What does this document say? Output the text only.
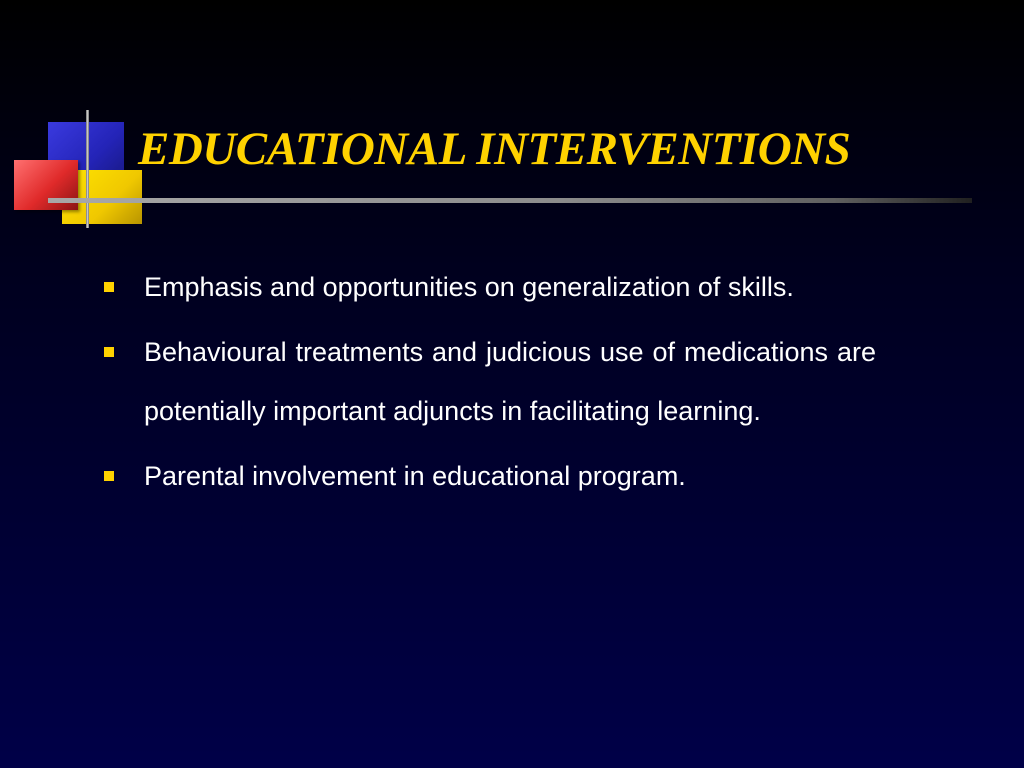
EDUCATIONAL INTERVENTIONS
Emphasis and opportunities on generalization of skills.
Behavioural treatments and judicious use of medications are potentially important adjuncts in facilitating learning.
Parental involvement in educational program.
